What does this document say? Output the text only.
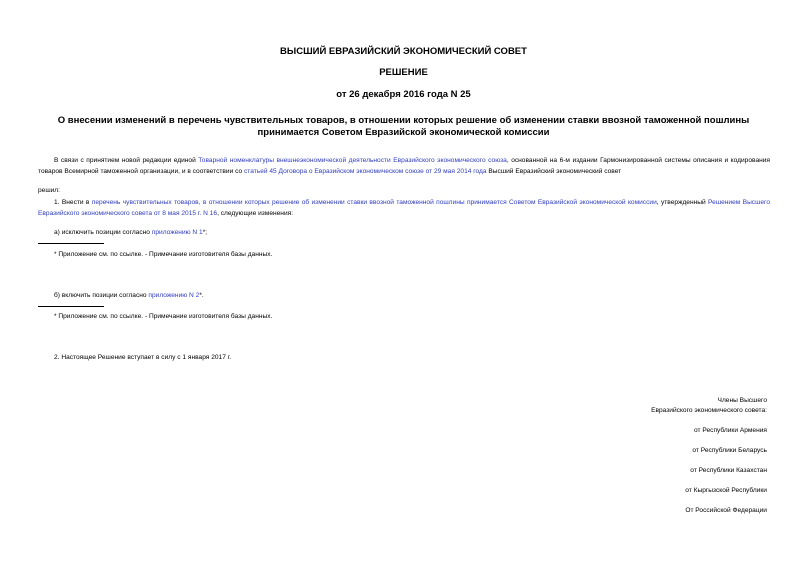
ВЫСШИЙ ЕВРАЗИЙСКИЙ ЭКОНОМИЧЕСКИЙ СОВЕТ
РЕШЕНИЕ
от 26 декабря 2016 года N 25
О внесении изменений в перечень чувствительных товаров, в отношении которых решение об изменении ставки ввозной таможенной пошлины принимается Советом Евразийской экономической комиссии
В связи с принятием новой редакции единой Товарной номенклатуры внешнеэкономической деятельности Евразийского экономического союза, основанной на 6-м издании Гармонизированной системы описания и кодирования товаров Всемирной таможенной организации, и в соответствии со статьей 45 Договора о Евразийском экономическом союзе от 29 мая 2014 года Высший Евразийский экономический совет
решил:
1. Внести в перечень чувствительных товаров, в отношении которых решение об изменении ставки ввозной таможенной пошлины принимается Советом Евразийской экономической комиссии, утвержденный Решением Высшего Евразийского экономического совета от 8 мая 2015 г. N 16, следующие изменения:
а) исключить позиции согласно приложению N 1*;
* Приложение см. по ссылке. - Примечание изготовителя базы данных.
б) включить позиции согласно приложению N 2*.
* Приложение см. по ссылке. - Примечание изготовителя базы данных.
2. Настоящее Решение вступает в силу с 1 января 2017 г.
Члены Высшего
Евразийского экономического совета:
от Республики Армения
от Республики Беларусь
от Республики Казахстан
от Кыргызской Республики
От Российской Федерации
